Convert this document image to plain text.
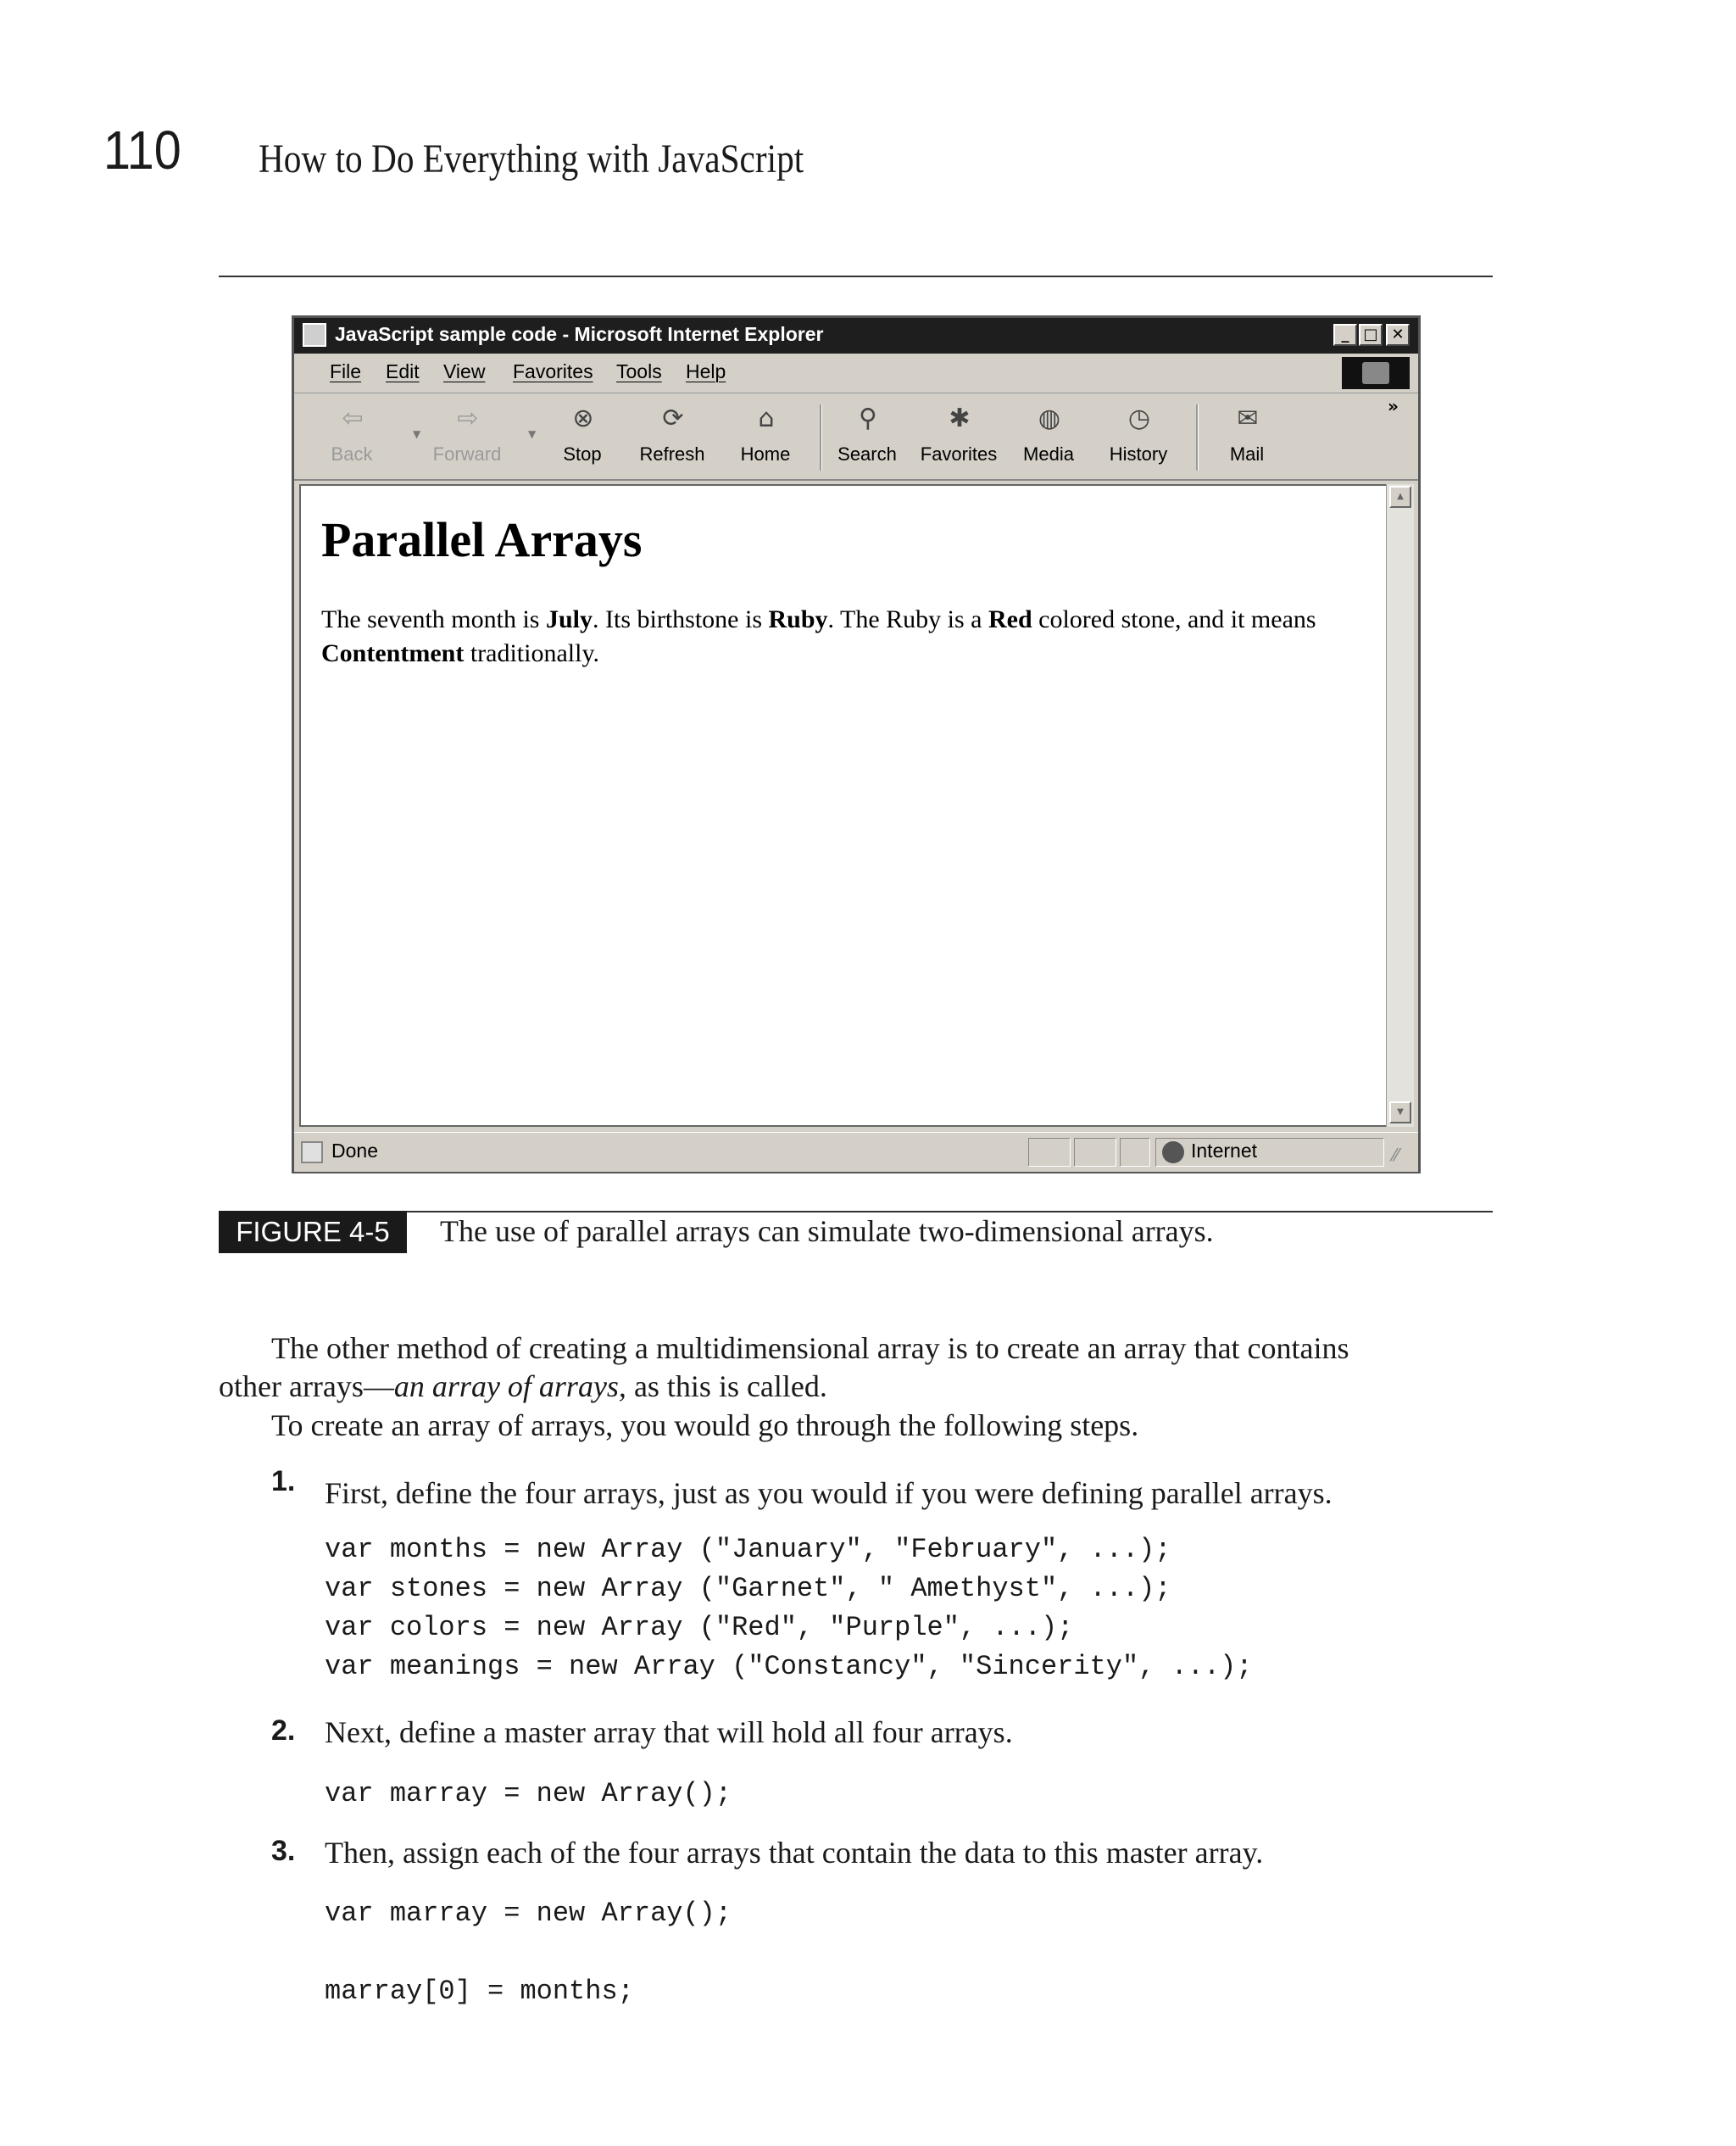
110 How to Do Everything with JavaScript
JavaScript sample code - Microsoft Internet Explorer	_ □ ✕
File Edit View Favorites Tools Help
⇦
Back
▼
⇨
Forward
▼
⊗
Stop
⟳
Refresh
⌂
Home
⚲
Search
✱
Favorites
◍
Media
◷
History
✉
Mail
»
Parallel Arrays
The seventh month is July. Its birthstone is Ruby. The Ruby is a Red colored stone, and it means Contentment traditionally.
▲
▼
Done	Internet	⁄⁄
FIGURE 4-5	The use of parallel arrays can simulate two-dimensional arrays.
The other method of creating a multidimensional array is to create an array that contains
other arrays—an array of arrays, as this is called.
To create an array of arrays, you would go through the following steps.
1. First, define the four arrays, just as you would if you were defining parallel arrays.
var months = new Array ("January", "February", ...);
var stones = new Array ("Garnet", " Amethyst", ...);
var colors = new Array ("Red", "Purple", ...);
var meanings = new Array ("Constancy", "Sincerity", ...);
2. Next, define a master array that will hold all four arrays.
var marray = new Array();
3. Then, assign each of the four arrays that contain the data to this master array.
var marray = new Array();
marray[0] = months;
